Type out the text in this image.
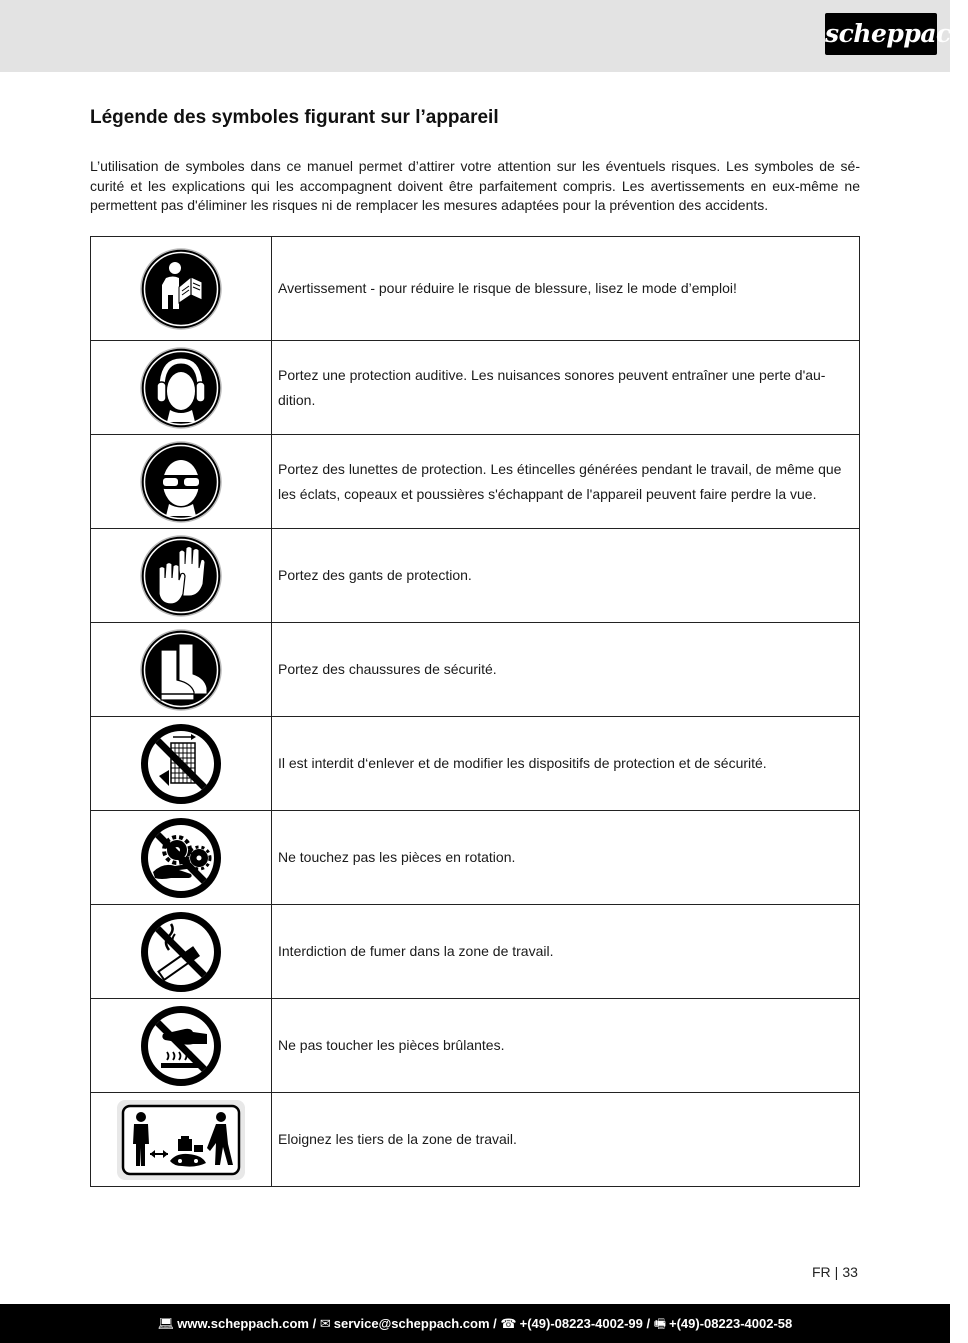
scheppach
Légende des symboles figurant sur l’appareil

L’utilisation de symboles dans ce manuel permet d’attirer votre attention sur les éventuels risques. Les symboles de sé-curité et les explications qui les accompagnent doivent être parfaitement compris. Les avertissements en eux-même ne permettent pas d'éliminer les risques ni de remplacer les mesures adaptées pour la prévention des accidents.

	Avertissement - pour réduire le risque de blessure, lisez le mode d’emploi!

	Portez une protection auditive. Les nuisances sonores peuvent entraîner une perte d'au-dition.

	Portez des lunettes de protection. Les étincelles générées pendant le travail, de même que les éclats, copeaux et poussières s'échappant de l'appareil peuvent faire perdre la vue.

	Portez des gants de protection.

	Portez des chaussures de sécurité.

	Il est interdit d‘enlever et de modifier les dispositifs de protection et de sécurité.

	Ne touchez pas les pièces en rotation.

	Interdiction de fumer dans la zone de travail.

	Ne pas toucher les pièces brûlantes.

	Eloignez les tiers de la zone de travail.
FR | 33
💻︎ www.scheppach.com / ✉ service@scheppach.com / ☎ +(49)-08223-4002-99 / 🖷︎ +(49)-08223-4002-58
